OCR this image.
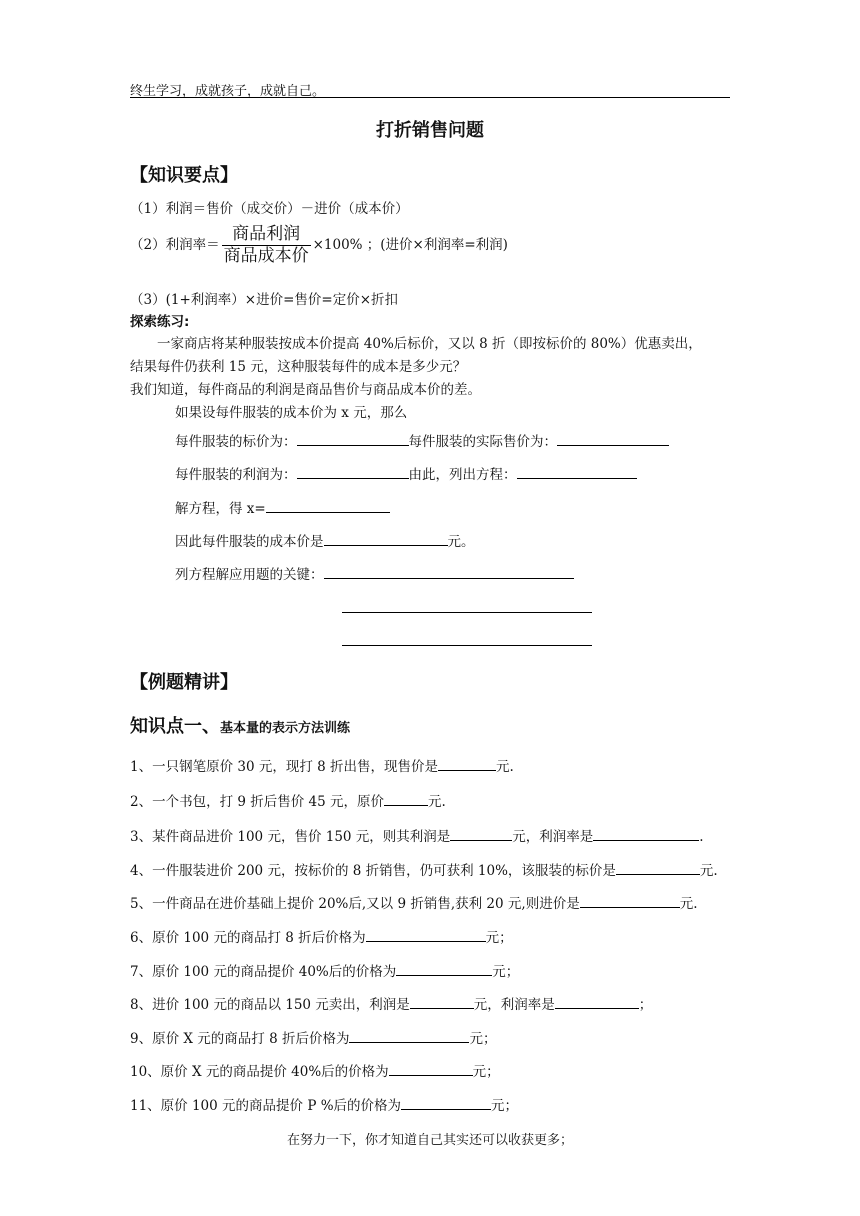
终生学习，成就孩子，成就自己。
打折销售问题
【知识要点】
（1）利润＝售价（成交价）－进价（成本价）
（2）利润率＝ $\frac{\text{商品利润}}{\text{商品成本价}} \times 100\%$ ；(进价×利润率=利润)
（3）(1+利润率）×进价=售价=定价×折扣
探索练习:
一家商店将某种服装按成本价提高 40%后标价，又以 8 折（即按标价的 80%）优惠卖出，
结果每件仍获利 15 元，这种服装每件的成本是多少元？
我们知道，每件商品的利润是商品售价与商品成本价的差。
如果设每件服装的成本价为 x 元，那么
每件服装的标价为：	每件服装的实际售价为：
每件服装的利润为：	由此，列出方程：
解方程，得 x=
因此每件服装的成本价是	元。
列方程解应用题的关键：
【例题精讲】
知识点一、基本量的表示方法训练
1、一只钢笔原价 30 元，现打 8 折出售，现售价是	元.
2、一个书包，打 9 折后售价 45 元，原价	元.
3、某件商品进价 100 元，售价 150 元，则其利润是	元，利润率是	.
4、一件服装进价 200 元，按标价的 8 折销售，仍可获利 10%，该服装的标价是	元.
5、一件商品在进价基础上提价 20%后,又以 9 折销售,获利 20 元,则进价是	元.
6、原价 100 元的商品打 8 折后价格为	元；
7、原价 100 元的商品提价 40%后的价格为	元；
8、进价 100 元的商品以 150 元卖出，利润是	元，利润率是	；
9、原价 X 元的商品打 8 折后价格为	元；
10、原价 X 元的商品提价 40%后的价格为	元；
11、原价 100 元的商品提价 P %后的价格为	元；
在努力一下，你才知道自己其实还可以收获更多；
